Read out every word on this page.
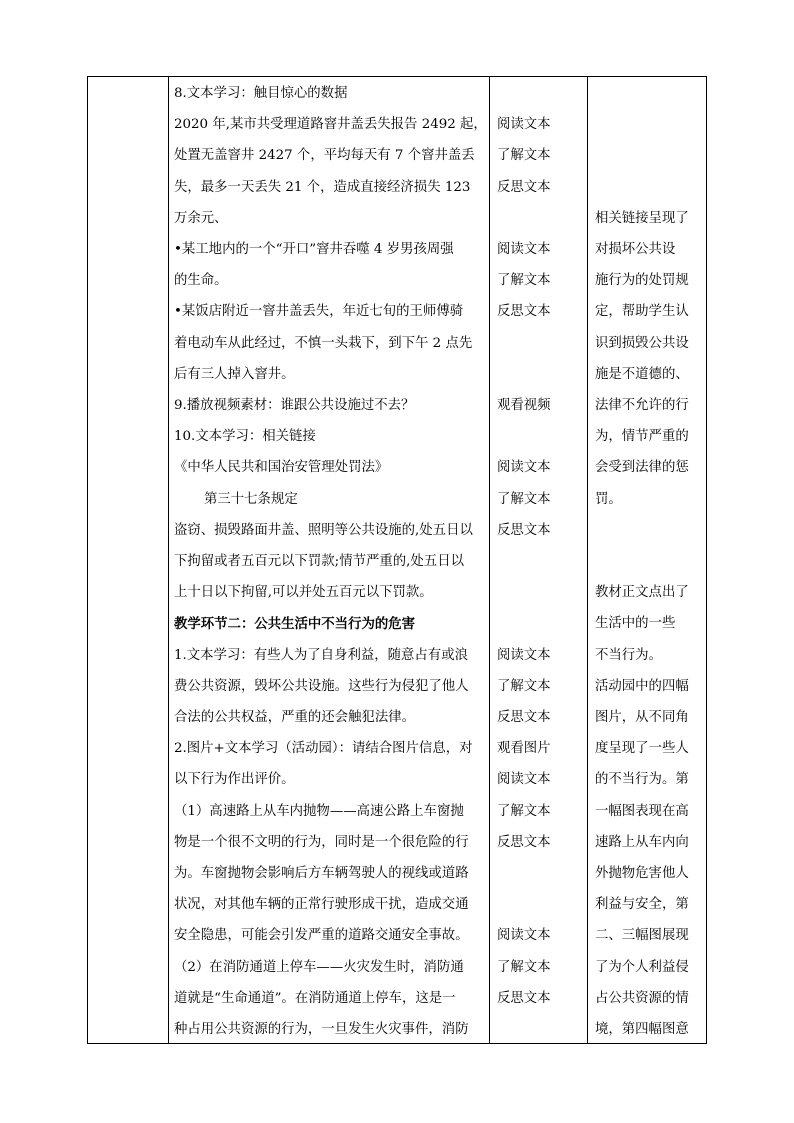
8.文本学习：触目惊心的数据
2020 年,某市共受理道路窨井盖丢失报告 2492 起，
处置无盖窨井 2427 个，平均每天有 7 个窨井盖丢
失，最多一天丢失 21 个，造成直接经济损失 123
万余元、
•某工地内的一个“开口”窨井吞噬 4 岁男孩周强
的生命。
•某饭店附近一窨井盖丢失，年近七旬的王师傅骑
着电动车从此经过，不慎一头栽下，到下午 2 点先
后有三人掉入窨井。
9.播放视频素材：谁跟公共设施过不去？
10.文本学习：相关链接
《中华人民共和国治安管理处罚法》
第三十七条规定
盗窃、损毁路面井盖、照明等公共设施的,处五日以
下拘留或者五百元以下罚款;情节严重的,处五日以
上十日以下拘留,可以并处五百元以下罚款。
教学环节二：公共生活中不当行为的危害
1.文本学习：有些人为了自身利益，随意占有或浪
费公共资源，毁坏公共设施。这些行为侵犯了他人
合法的公共权益，严重的还会触犯法律。
2.图片+文本学习（活动园）：请结合图片信息，对
以下行为作出评价。
（1）高速路上从车内抛物——高速公路上车窗抛
物是一个很不文明的行为，同时是一个很危险的行
为。车窗抛物会影响后方车辆驾驶人的视线或道路
状况，对其他车辆的正常行驶形成干扰，造成交通
安全隐患，可能会引发严重的道路交通安全事故。
（2）在消防通道上停车——火灾发生时，消防通
道就是“生命通道”。在消防通道上停车，这是一
种占用公共资源的行为，一旦发生火灾事件，消防
阅读文本
了解文本
反思文本
阅读文本
了解文本
反思文本
观看视频
阅读文本
了解文本
反思文本
阅读文本
了解文本
反思文本
观看图片
阅读文本
了解文本
反思文本
阅读文本
了解文本
反思文本
相关链接呈现了
对损坏公共设
施行为的处罚规
定，帮助学生认
识到损毁公共设
施是不道德的、
法律不允许的行
为，情节严重的
会受到法律的惩
罚。
教材正文点出了
生活中的一些
不当行为。
活动园中的四幅
图片，从不同角
度呈现了一些人
的不当行为。第
一幅图表现在高
速路上从车内向
外抛物危害他人
利益与安全，第
二、三幅图展现
了为个人利益侵
占公共资源的情
境，第四幅图意
